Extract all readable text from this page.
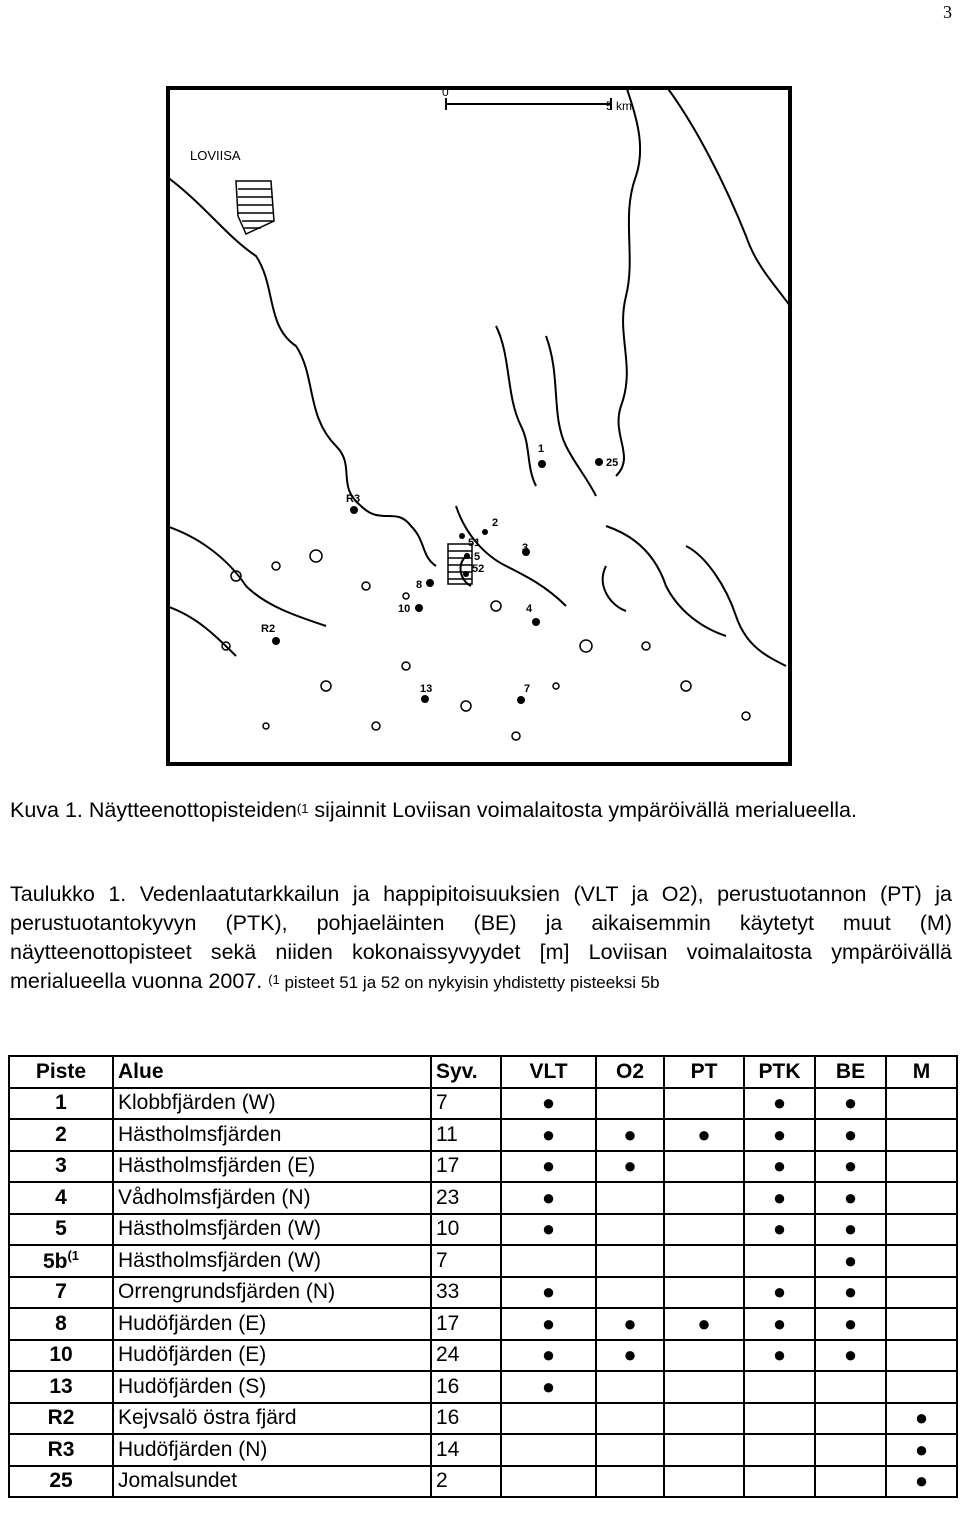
3
0
5 km
LOVIISA
1
25
R3
51
2
3
5
52
8
10	4
R2
13	7
Kuva 1. Näytteenottopisteiden$^{(1}$ sijainnit Loviisan voimalaitosta ympäröivällä merialueella.
Taulukko 1. Vedenlaatutarkkailun ja happipitoisuuksien (VLT ja O2), perustuotannon (PT) ja perustuotantokyvyn (PTK), pohjaeläinten (BE) ja aikaisemmin käytetyt muut (M) näytteenottopisteet sekä niiden kokonaissyvyydet [m] Loviisan voimalaitosta ympäröivällä merialueella vuonna 2007. $^{(1}$ pisteet 51 ja 52 on nykyisin yhdistetty pisteeksi 5b
Piste	Alue	Syv.	VLT	O2	PT	PTK	BE	M
1	Klobbfjärden (W)	7	●			●	●	
2	Hästholmsfjärden	11	●	●	●	●	●	
3	Hästholmsfjärden (E)	17	●	●		●	●	
4	Vådholmsfjärden (N)	23	●			●	●	
5	Hästholmsfjärden (W)	10	●			●	●	
$5b^{(1}$	Hästholmsfjärden (W)	7					●	
7	Orrengrundsfjärden (N)	33	●			●	●	
8	Hudöfjärden (E)	17	●	●	●	●	●	
10	Hudöfjärden (E)	24	●	●		●	●	
13	Hudöfjärden (S)	16	●					
R2	Kejvsalö östra fjärd	16						●
R3	Hudöfjärden (N)	14						●
25	Jomalsundet	2						●
